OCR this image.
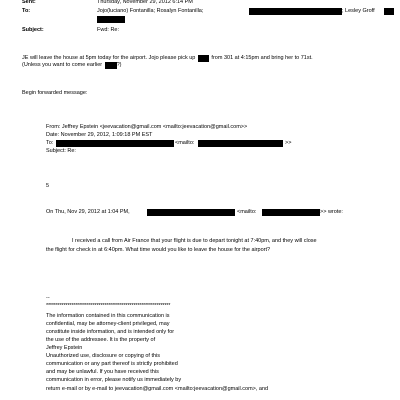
Sent:	Thursday, November 29, 2012 6:14 PM
To:	Jojo(luciano) Fontanilla; Rosalyn Fontanilla;	; Lesley Groff
Subject:	Fwd: Re:
JE will leave the house at 5pm today for the airport. Jojo please pick up	from 301 at 4:15pm and bring her to 71st.
(Unless you want to come earlier	?)
Begin forwarded message:
From: Jeffrey Epstein <jeevacation@gmail.com <mailto:jeevacation@gmail.com>>
Date: November 29, 2012, 1:09:18 PM EST
To:	<mailto:	>>
Subject: Re:
5
On Thu, Nov 29, 2012 at 1:04 PM,	<mailto:	>> wrote:
I received a call from Air France that your flight is due to depart tonight at 7:40pm, and they will close
the flight for check in at 6:40pm. What time would you like to leave the house for the airport?
--
****************************************************************
The information contained in this communication is
confidential, may be attorney-client privileged, may
constitute inside information, and is intended only for
the use of the addressee. It is the property of
Jeffrey Epstein
Unauthorized use, disclosure or copying of this
communication or any part thereof is strictly prohibited
and may be unlawful. If you have received this
communication in error, please notify us immediately by
return e-mail or by e-mail to jeevacation@gmail.com <mailto:jeevacation@gmail.com>, and
